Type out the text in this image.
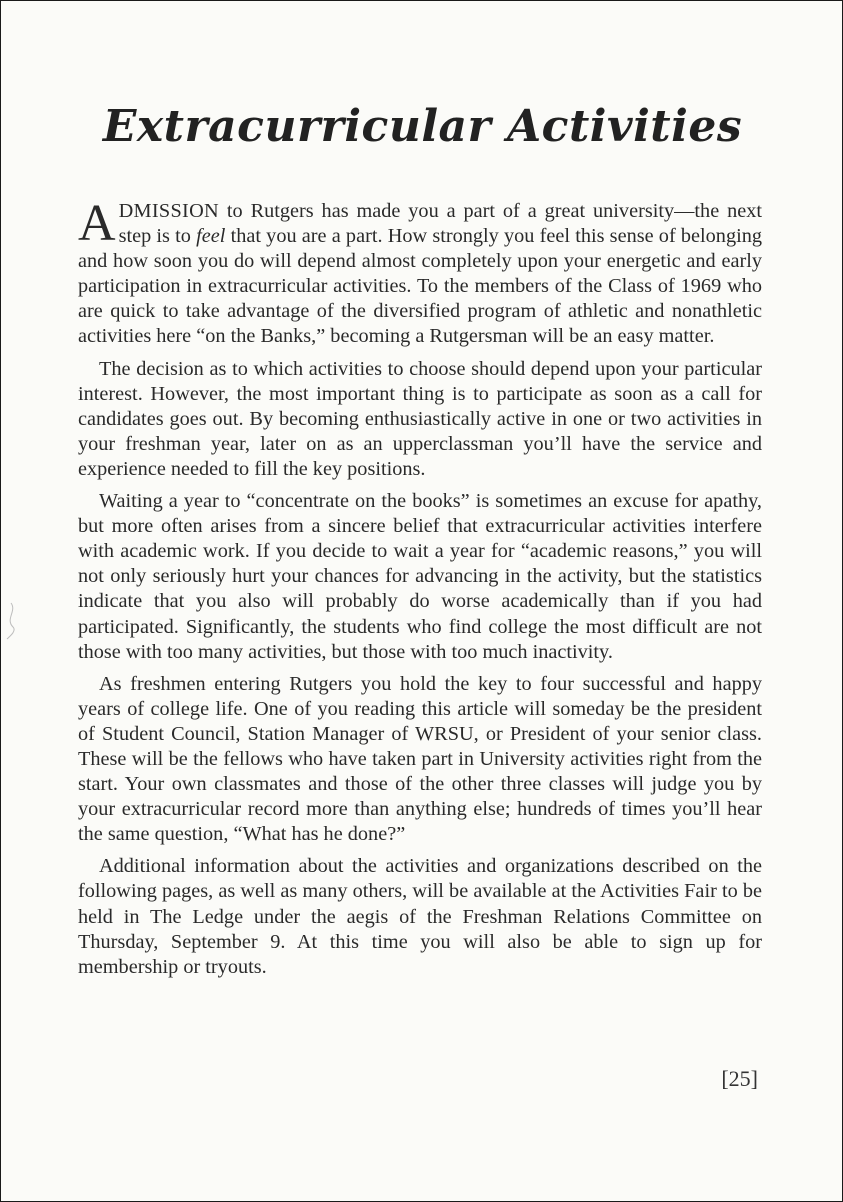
Extracurricular Activities

ADMISSION to Rutgers has made you a part of a great university—the next step is to feel that you are a part. How strongly you feel this sense of belonging and how soon you do will depend almost completely upon your energetic and early participation in extracurricular activities. To the members of the Class of 1969 who are quick to take advantage of the diversified program of athletic and nonathletic activities here “on the Banks,” becoming a Rutgersman will be an easy matter.

The decision as to which activities to choose should depend upon your particular interest. However, the most important thing is to participate as soon as a call for candidates goes out. By becoming enthusiastically active in one or two activities in your freshman year, later on as an upperclassman you’ll have the service and experience needed to fill the key positions.

Waiting a year to “concentrate on the books” is sometimes an excuse for apathy, but more often arises from a sincere belief that extracurricular activities interfere with academic work. If you decide to wait a year for “academic reasons,” you will not only seriously hurt your chances for advancing in the activity, but the statistics indicate that you also will probably do worse academically than if you had participated. Significantly, the students who find college the most difficult are not those with too many activities, but those with too much inactivity.

As freshmen entering Rutgers you hold the key to four successful and happy years of college life. One of you reading this article will someday be the president of Student Council, Station Manager of WRSU, or President of your senior class. These will be the fellows who have taken part in University activities right from the start. Your own classmates and those of the other three classes will judge you by your extracurricular record more than anything else; hundreds of times you’ll hear the same question, “What has he done?”

Additional information about the activities and organizations described on the following pages, as well as many others, will be available at the Activities Fair to be held in The Ledge under the aegis of the Freshman Relations Committee on Thursday, September 9. At this time you will also be able to sign up for membership or tryouts.

[25]
